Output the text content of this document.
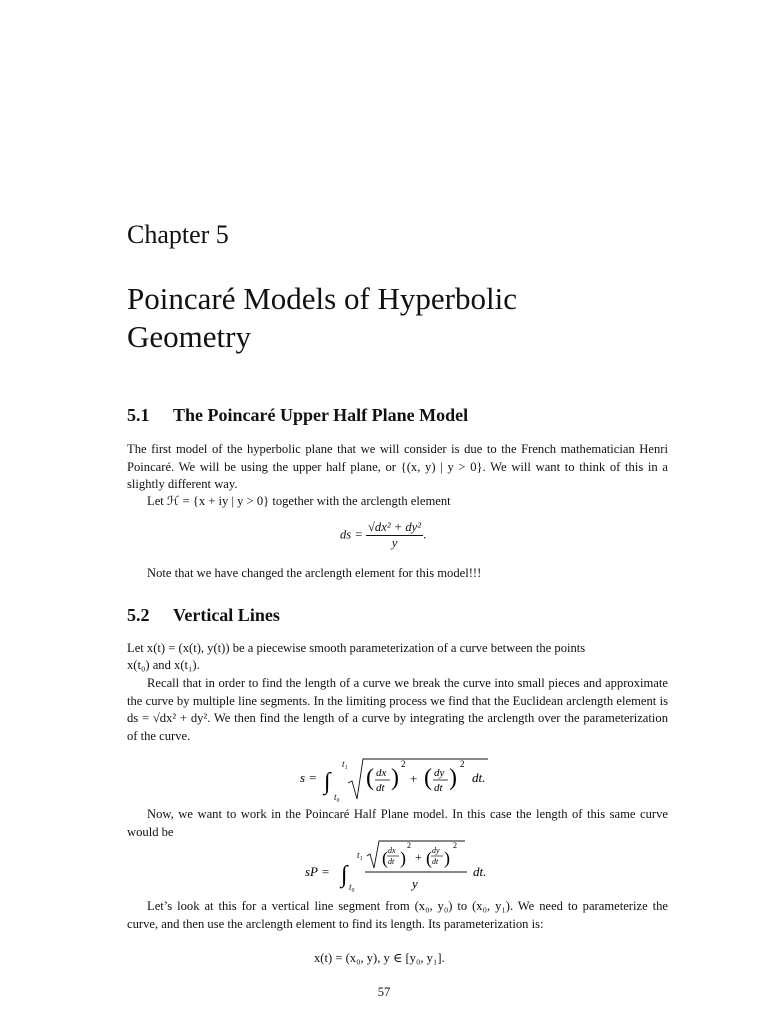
Chapter 5
Poincaré Models of Hyperbolic
Geometry
5.1 The Poincaré Upper Half Plane Model
The first model of the hyperbolic plane that we will consider is due to the French mathematician Henri Poincaré. We will be using the upper half plane, or {(x, y) | y > 0}. We will want to think of this in a slightly different way.
Let ℋ = {x + iy | y > 0} together with the arclength element
ds = $\frac{\text{√dx² + dy²}}{y}$ .
Note that we have changed the arclength element for this model!!!
5.2 Vertical Lines
Let x(t) = (x(t), y(t)) be a piecewise smooth parameterization of a curve between the points
x(t₀) and x(t₁).
Recall that in order to find the length of a curve we break the curve into small pieces and approximate the curve by multiple line segments. In the limiting process we find that the Euclidean arclength element is ds = √dx² + dy². We then find the length of a curve by integrating the arclength over the parameterization of the curve.
s = ∫
t₁
t₀
( dx
dt )
2
+ ( dy
dt )
2
dt.
Now, we want to work in the Poincaré Half Plane model. In this case the length of this same curve would be
sP = ∫
t₁
t₀
( dx
dt )
2
+ ( dy
dt )
2
y
dt.
Let’s look at this for a vertical line segment from (x₀, y₀) to (x₀, y₁). We need to parameterize the curve, and then use the arclength element to find its length. Its parameterization is:
x(t) = (x₀, y), y ∈ [y₀, y₁].
57
